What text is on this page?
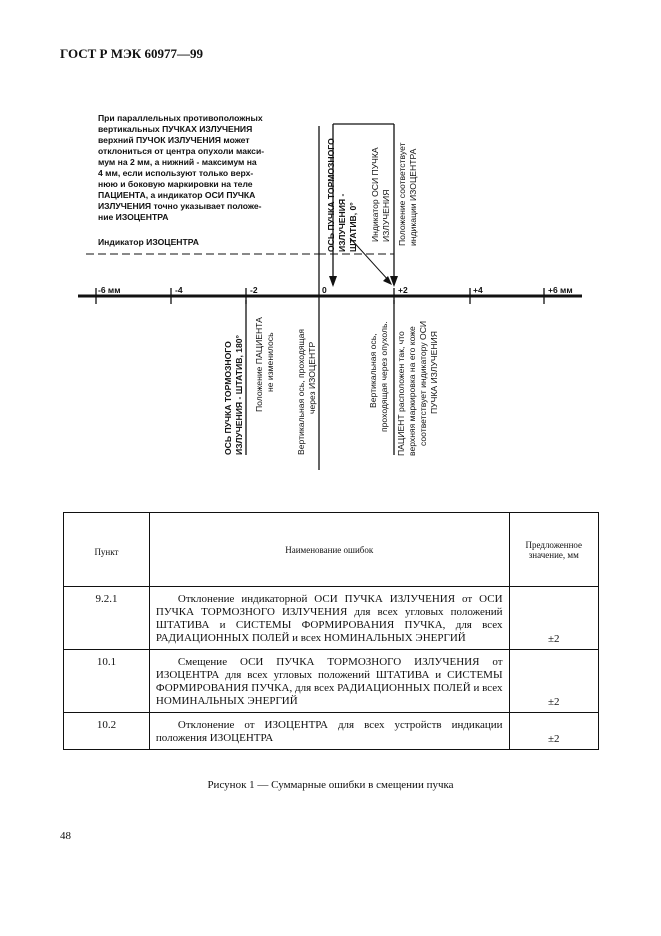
ГОСТ Р МЭК 60977—99
При параллельных противоположных
вертикальных ПУЧКАХ ИЗЛУЧЕНИЯ
верхний ПУЧОК ИЗЛУЧЕНИЯ может
отклониться от центра опухоли макси-
мум на 2 мм, а нижний - максимум на
4 мм, если используют только верх-
нюю и боковую маркировки на теле
ПАЦИЕНТА, а индикатор ОСИ ПУЧКА
ИЗЛУЧЕНИЯ точно указывает положе-
ние ИЗОЦЕНТРА
Индикатор ИЗОЦЕНТРА
-6 мм	-4	-2	0	+2	+4	+6 мм
ОСЬ ПУЧКА ТОРМОЗНОГО ИЗЛУЧЕНИЯ - ШТАТИВ, 0° Индикатор ОСИ ПУЧКА ИЗЛУЧЕНИЯ Положение соответствует индикации ИЗОЦЕНТРА
ОСЬ ПУЧКА ТОРМОЗНОГО ИЗЛУЧЕНИЯ - ШТАТИВ, 180° Положение ПАЦИЕНТА не изменилось Вертикальная ось, проходящая через ИЗОЦЕНТР	Вертикальная ось, проходящая через опухоль. ПАЦИЕНТ расположен так, что верхняя маркировка на его коже соответствует индикатору ОСИ ПУЧКА ИЗЛУЧЕНИЯ
Пункт	Наименование ошибок	Предложенное значение, мм
9.2.1	Отклонение индикаторной ОСИ ПУЧКА ИЗЛУЧЕНИЯ от ОСИ ПУЧКА ТОРМОЗНОГО ИЗЛУЧЕНИЯ для всех угловых положений ШТАТИВА и СИСТЕМЫ ФОРМИРОВАНИЯ ПУЧКА, для всех РАДИАЦИОННЫХ ПОЛЕЙ и всех НОМИНАЛЬНЫХ ЭНЕРГИЙ	±2
10.1	Смещение ОСИ ПУЧКА ТОРМОЗНОГО ИЗЛУЧЕНИЯ от ИЗОЦЕНТРА для всех угловых положений ШТАТИВА и СИСТЕМЫ ФОРМИРОВАНИЯ ПУЧКА, для всех РАДИАЦИОННЫХ ПОЛЕЙ и всех НОМИНАЛЬНЫХ ЭНЕРГИЙ	±2
10.2	Отклонение от ИЗОЦЕНТРА для всех устройств индикации положения ИЗОЦЕНТРА	±2
Рисунок 1 — Суммарные ошибки в смещении пучка
48
